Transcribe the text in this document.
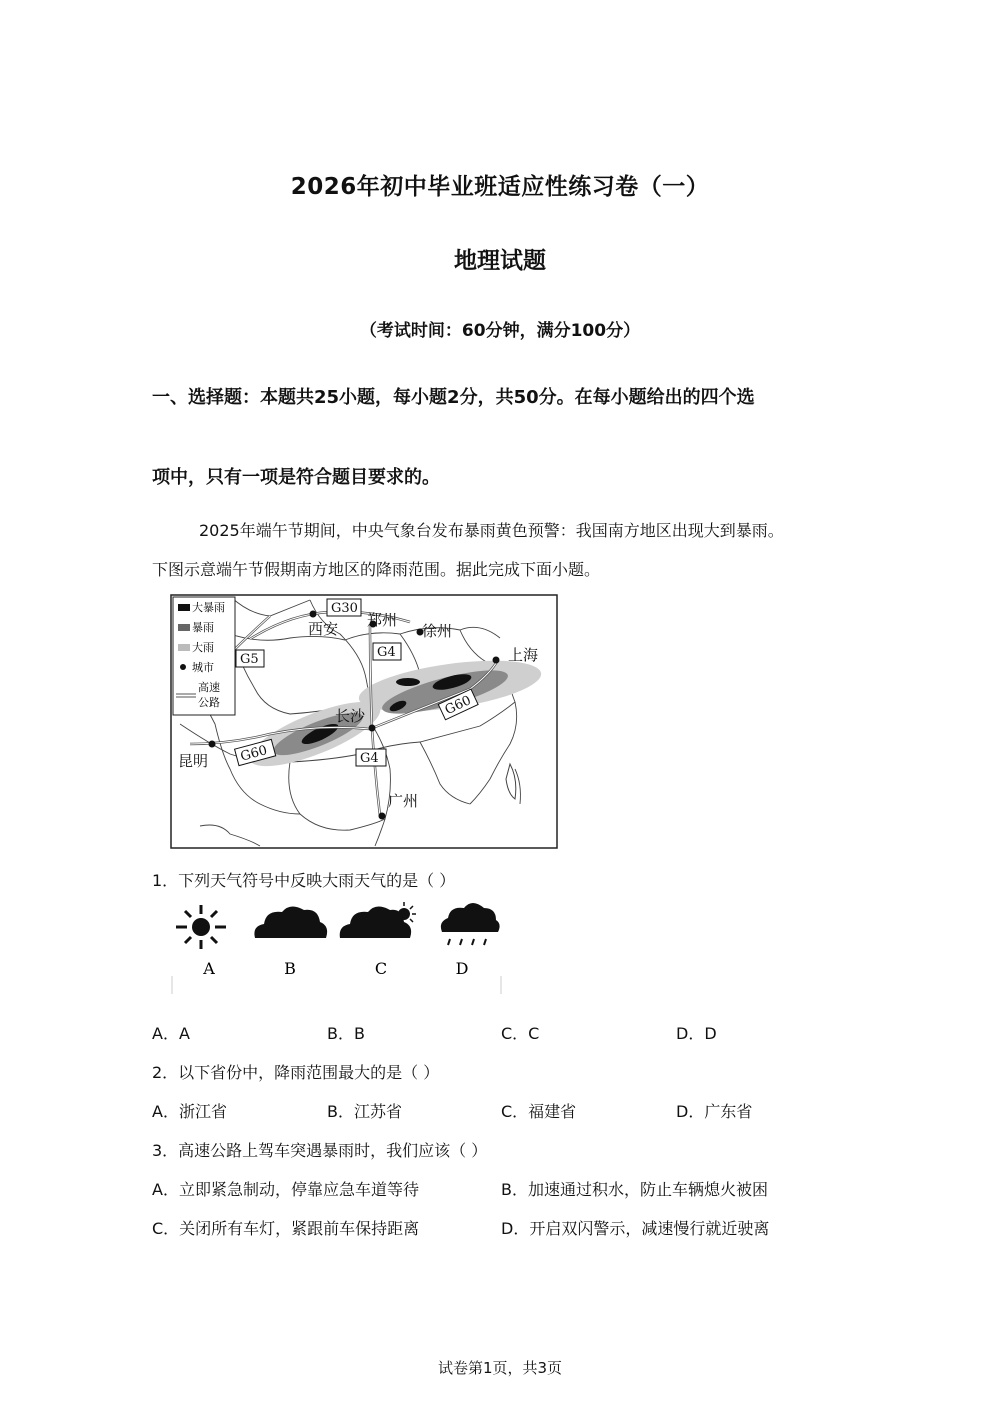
2026年初中毕业班适应性练习卷（一）
地理试题
（考试时间：60分钟，满分100分）
一、选择题：本题共25小题，每小题2分，共50分。在每小题给出的四个选
项中，只有一项是符合题目要求的。
2025年端午节期间，中央气象台发布暴雨黄色预警：我国南方地区出现大到暴雨。
下图示意端午节假期南方地区的降雨范围。据此完成下面小题。
大暴雨
暴雨
大雨
城市
高速
公路
西安 郑州
徐州
上海
长沙
昆明
广州
G30
G5	G4
G60
G60	G4
1．下列天气符号中反映大雨天气的是（ ）
A	B	C	D
A．A	B．B	C．C	D．D
2．以下省份中，降雨范围最大的是（ ）
A．浙江省	B．江苏省	C．福建省	D．广东省
3．高速公路上驾车突遇暴雨时，我们应该（ ）
A．立即紧急制动，停靠应急车道等待	B．加速通过积水，防止车辆熄火被困
C．关闭所有车灯，紧跟前车保持距离	D．开启双闪警示，减速慢行就近驶离
试卷第1页，共3页
